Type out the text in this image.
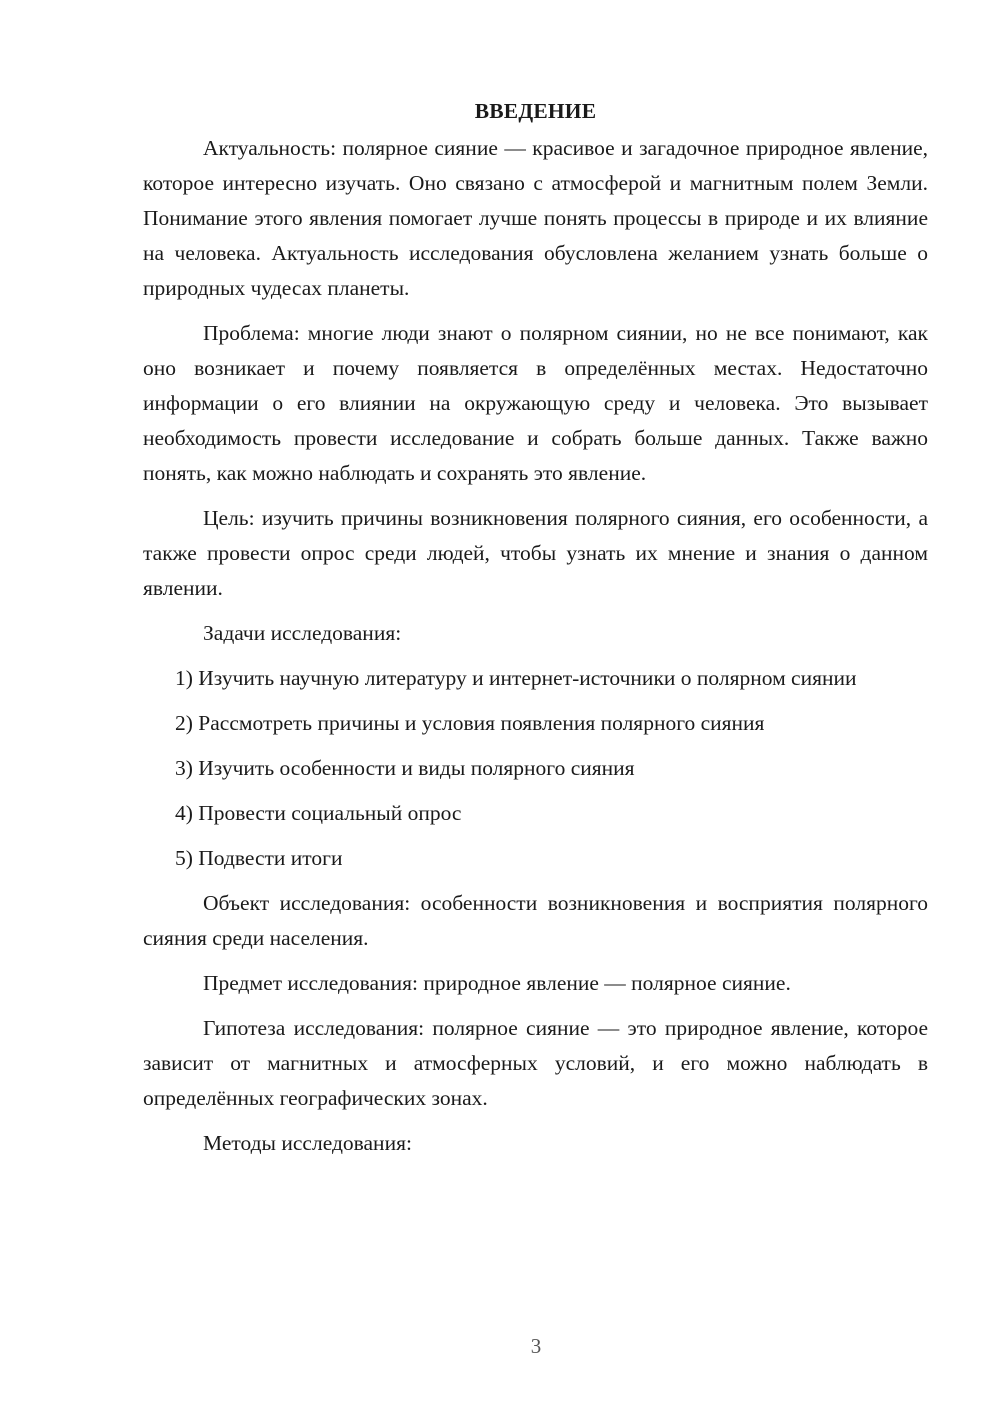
ВВЕДЕНИЕ

Актуальность: полярное сияние — красивое и загадочное природное явление, которое интересно изучать. Оно связано с атмосферой и магнитным полем Земли. Понимание этого явления помогает лучше понять процессы в природе и их влияние на человека. Актуальность исследования обусловлена желанием узнать больше о природных чудесах планеты.

Проблема: многие люди знают о полярном сиянии, но не все понимают, как оно возникает и почему появляется в определённых местах. Недостаточно информации о его влиянии на окружающую среду и человека. Это вызывает необходимость провести исследование и собрать больше данных. Также важно понять, как можно наблюдать и сохранять это явление.

Цель: изучить причины возникновения полярного сияния, его особенности, а также провести опрос среди людей, чтобы узнать их мнение и знания о данном явлении.

Задачи исследования:

1) Изучить научную литературу и интернет-источники о полярном сиянии

2) Рассмотреть причины и условия появления полярного сияния

3) Изучить особенности и виды полярного сияния

4) Провести социальный опрос

5) Подвести итоги

Объект исследования: особенности возникновения и восприятия полярного сияния среди населения.

Предмет исследования: природное явление — полярное сияние.

Гипотеза исследования: полярное сияние — это природное явление, которое зависит от магнитных и атмосферных условий, и его можно наблюдать в определённых географических зонах.

Методы исследования:

3
